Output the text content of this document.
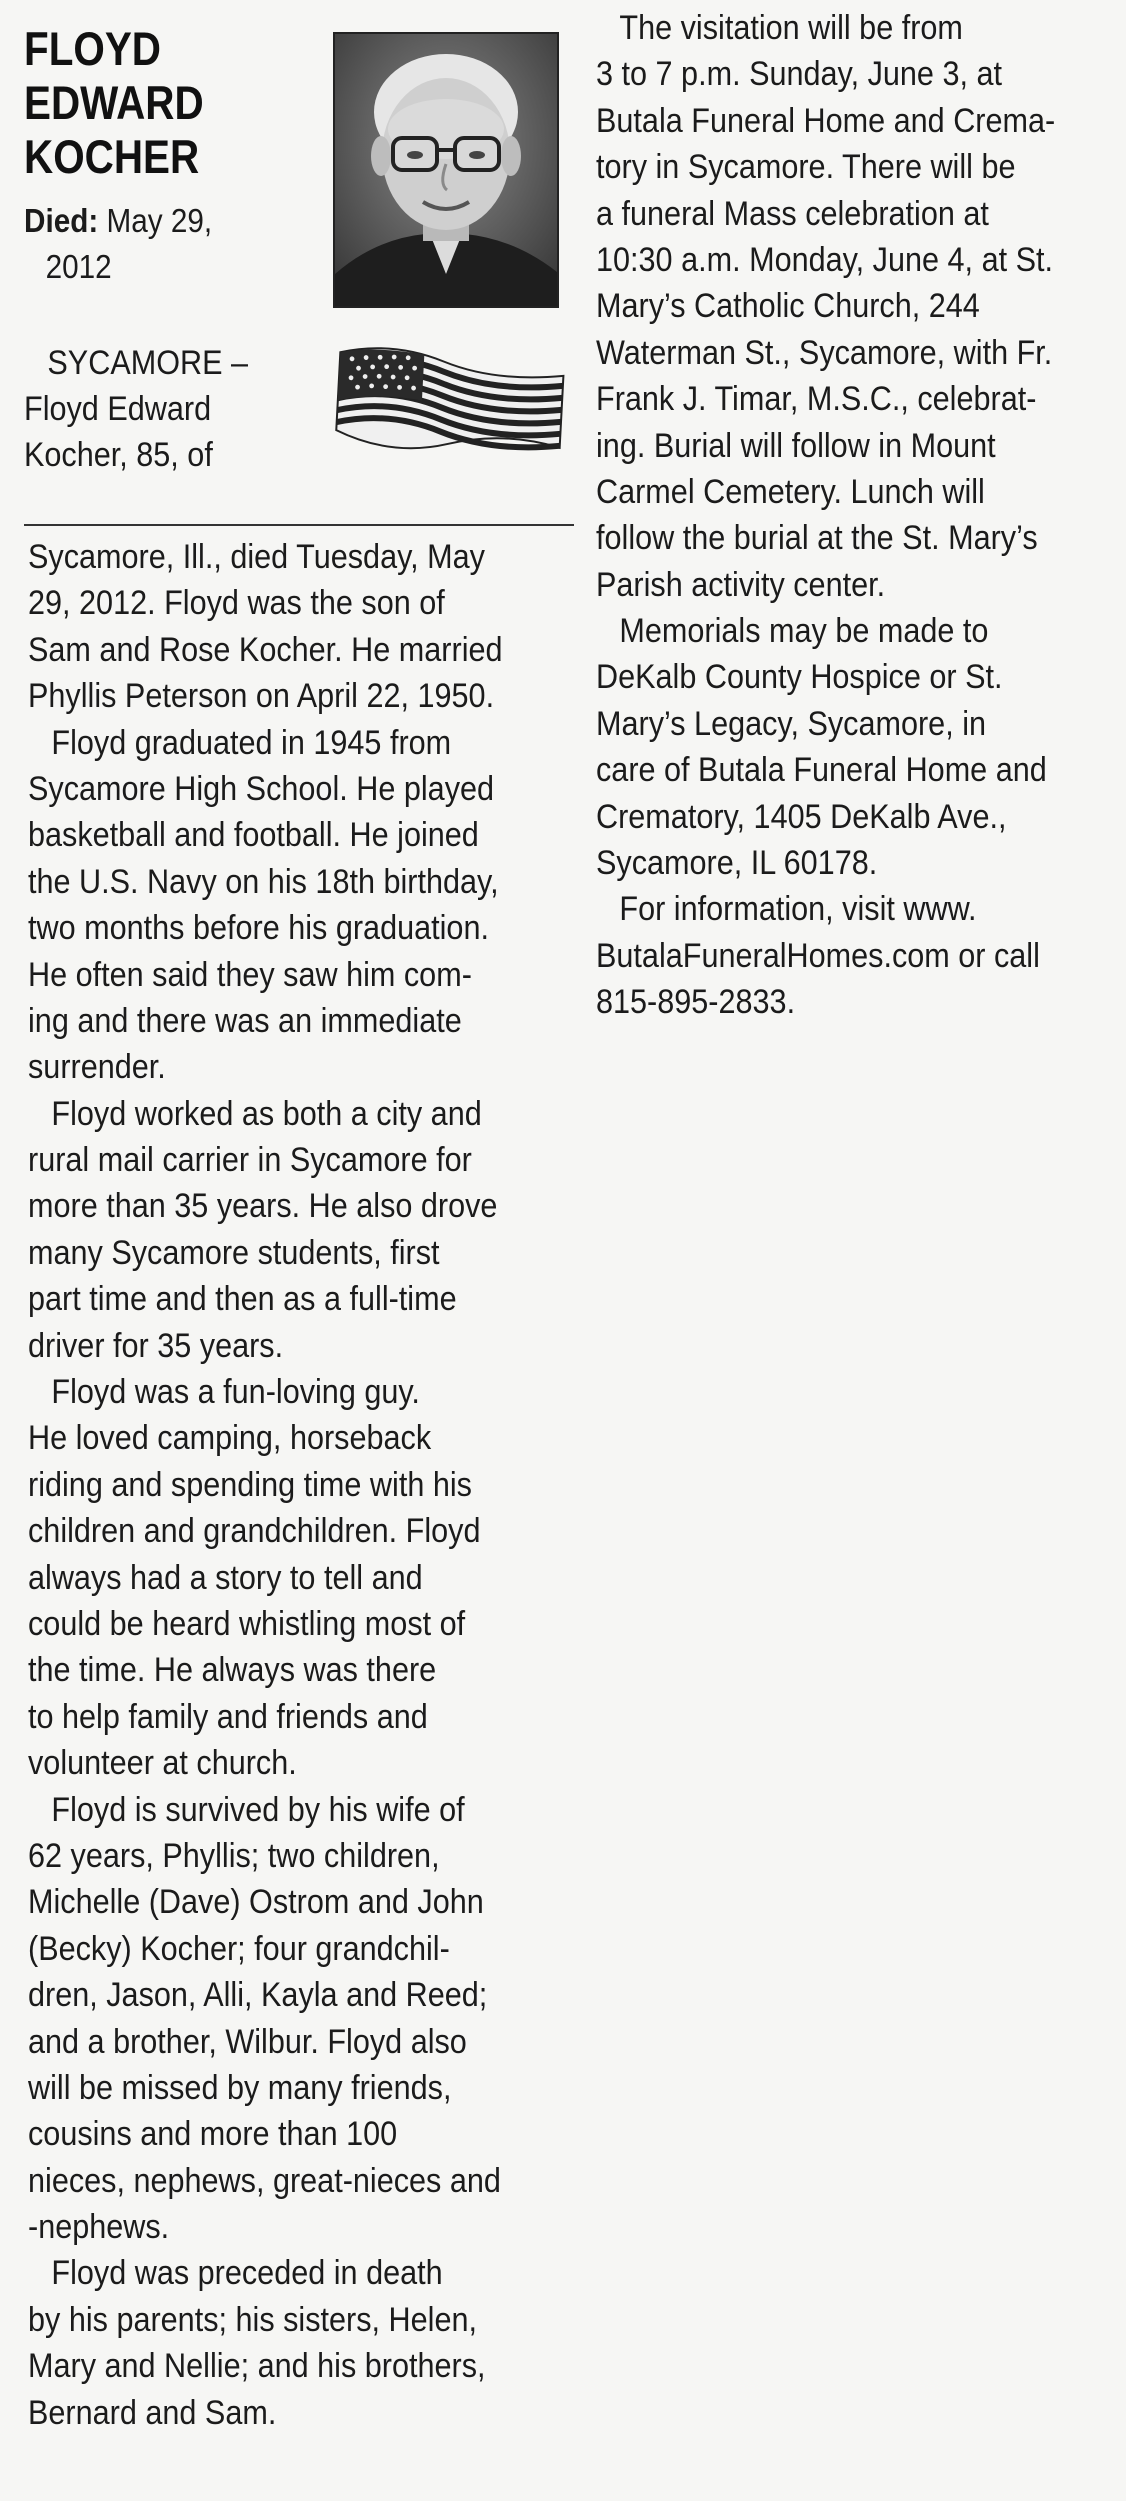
FLOYD
EDWARD
KOCHER
Died: May 29,
2012
SYCAMORE –
Floyd Edward
Kocher, 85, of
Sycamore, Ill., died Tuesday, May
29, 2012. Floyd was the son of
Sam and Rose Kocher. He married
Phyllis Peterson on April 22, 1950.
Floyd graduated in 1945 from
Sycamore High School. He played
basketball and football. He joined
the U.S. Navy on his 18th birthday,
two months before his graduation.
He often said they saw him com-
ing and there was an immediate
surrender.
Floyd worked as both a city and
rural mail carrier in Sycamore for
more than 35 years. He also drove
many Sycamore students, first
part time and then as a full-time
driver for 35 years.
Floyd was a fun-loving guy.
He loved camping, horseback
riding and spending time with his
children and grandchildren. Floyd
always had a story to tell and
could be heard whistling most of
the time. He always was there
to help family and friends and
volunteer at church.
Floyd is survived by his wife of
62 years, Phyllis; two children,
Michelle (Dave) Ostrom and John
(Becky) Kocher; four grandchil-
dren, Jason, Alli, Kayla and Reed;
and a brother, Wilbur. Floyd also
will be missed by many friends,
cousins and more than 100
nieces, nephews, great-nieces and
-nephews.
Floyd was preceded in death
by his parents; his sisters, Helen,
Mary and Nellie; and his brothers,
Bernard and Sam.
The visitation will be from
3 to 7 p.m. Sunday, June 3, at
Butala Funeral Home and Crema-
tory in Sycamore. There will be
a funeral Mass celebration at
10:30 a.m. Monday, June 4, at St.
Mary’s Catholic Church, 244
Waterman St., Sycamore, with Fr.
Frank J. Timar, M.S.C., celebrat-
ing. Burial will follow in Mount
Carmel Cemetery. Lunch will
follow the burial at the St. Mary’s
Parish activity center.
Memorials may be made to
DeKalb County Hospice or St.
Mary’s Legacy, Sycamore, in
care of Butala Funeral Home and
Crematory, 1405 DeKalb Ave.,
Sycamore, IL 60178.
For information, visit www.
ButalaFuneralHomes.com or call
815-895-2833.
